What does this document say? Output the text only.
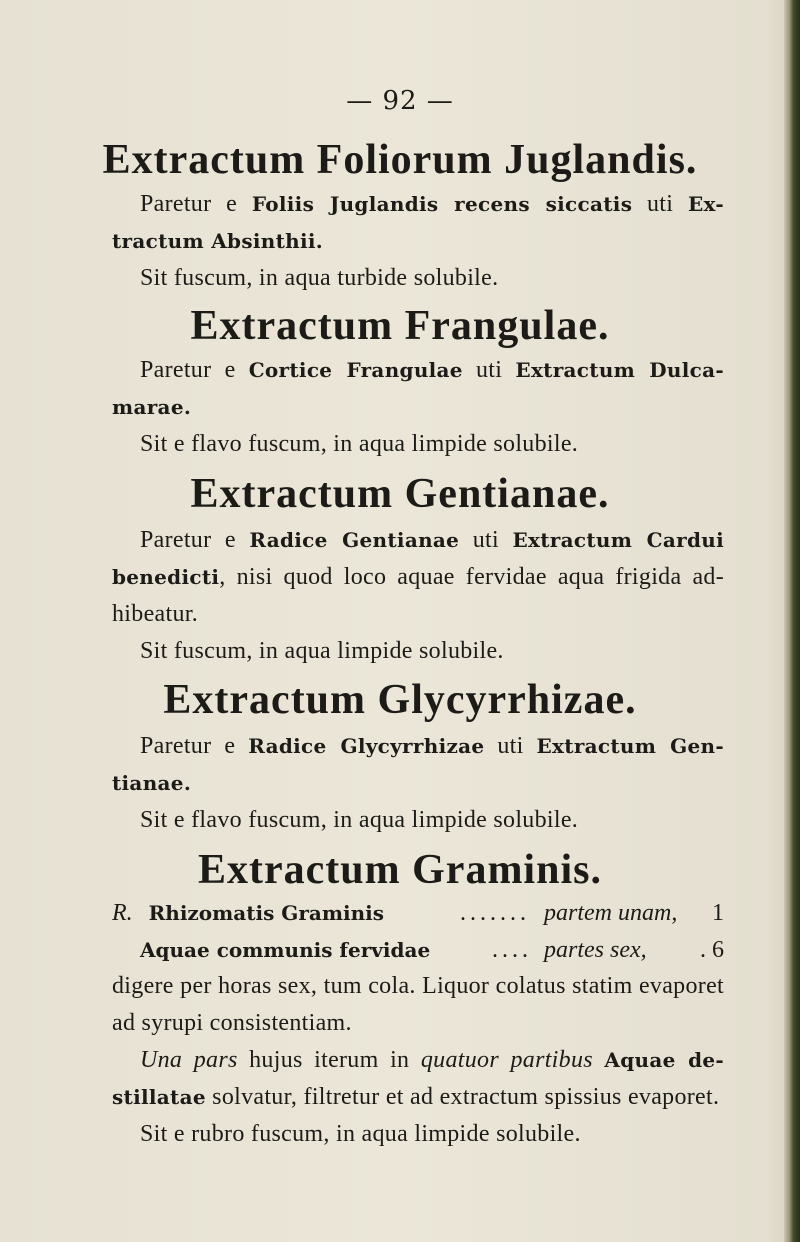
— 92 —
Extractum Foliorum Juglandis.
Paretur e Foliis Juglandis recens siccatis uti Ex-tractum Absinthii.
Sit fuscum, in aqua turbide solubile.
Extractum Frangulae.
Paretur e Cortice Frangulae uti Extractum Dulca-marae.
Sit e flavo fuscum, in aqua limpide solubile.
Extractum Gentianae.
Paretur e Radice Gentianae uti Extractum Cardui benedicti, nisi quod loco aquae fervidae aqua frigida ad-hibeatur.
Sit fuscum, in aqua limpide solubile.
Extractum Glycyrrhizae.
Paretur e Radice Glycyrrhizae uti Extractum Gen-tianae.
Sit e flavo fuscum, in aqua limpide solubile.
Extractum Graminis.
R. Rhizomatis Graminis	....... partem unam, 1
Aquae communis fervidae	.... partes sex, . 6
digere per horas sex, tum cola. Liquor colatus statim evaporet ad syrupi consistentiam.
Una pars hujus iterum in quatuor partibus Aquae de-stillatae solvatur, filtretur et ad extractum spissius evaporet.
Sit e rubro fuscum, in aqua limpide solubile.
